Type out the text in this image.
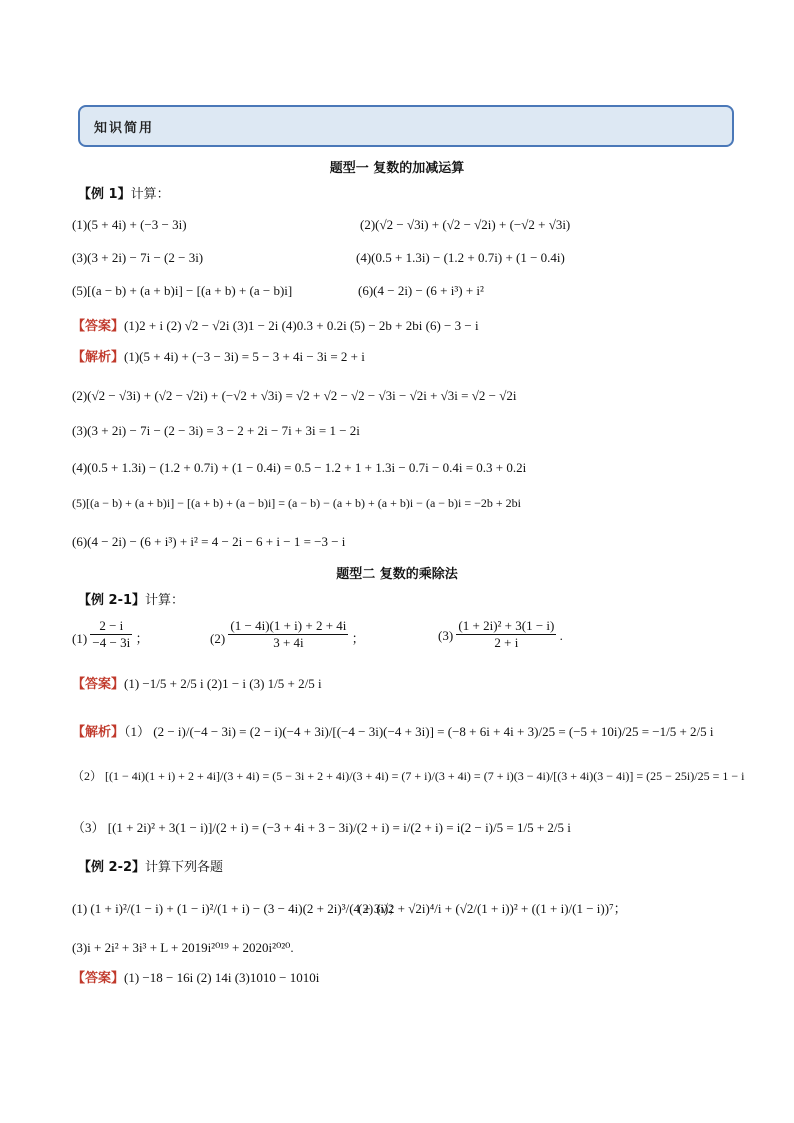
知识简用
题型一 复数的加减运算
【例 1】计算：
(1)(5 + 4i) + (−3 − 3i)	(2)(√2 − √3i) + (√2 − √2i) + (−√2 + √3i)
(3)(3 + 2i) − 7i − (2 − 3i)	(4)(0.5 + 1.3i) − (1.2 + 0.7i) + (1 − 0.4i)
(5)[(a − b) + (a + b)i] − [(a + b) + (a − b)i]	(6)(4 − 2i) − (6 + i³) + i²
【答案】(1)2 + i (2) √2 − √2i (3)1 − 2i (4)0.3 + 0.2i (5) − 2b + 2bi (6) − 3 − i
【解析】(1)(5 + 4i) + (−3 − 3i) = 5 − 3 + 4i − 3i = 2 + i
(2)(√2 − √3i) + (√2 − √2i) + (−√2 + √3i) = √2 + √2 − √2 − √3i − √2i + √3i = √2 − √2i
(3)(3 + 2i) − 7i − (2 − 3i) = 3 − 2 + 2i − 7i + 3i = 1 − 2i
(4)(0.5 + 1.3i) − (1.2 + 0.7i) + (1 − 0.4i) = 0.5 − 1.2 + 1 + 1.3i − 0.7i − 0.4i = 0.3 + 0.2i
(5)[(a − b) + (a + b)i] − [(a + b) + (a − b)i] = (a − b) − (a + b) + (a + b)i − (a − b)i = −2b + 2bi
(6)(4 − 2i) − (6 + i³) + i² = 4 − 2i − 6 + i − 1 = −3 − i
题型二 复数的乘除法
【例 2-1】计算：
$(1) \frac{2 - i}{-4 - 3i}$ ；	$(2) \frac{(1 - 4i)(1 + i) + 2 + 4i}{3 + 4i}$ ；	$(3) \frac{\text{(1 + 2i)² + 3(1 − i)}}{2 + i}$ .
【答案】(1) −1/5 + 2/5 i (2)1 − i (3) 1/5 + 2/5 i
【解析】（1） (2 − i)/(−4 − 3i) = (2 − i)(−4 + 3i)/[(−4 − 3i)(−4 + 3i)] = (−8 + 6i + 4i + 3)/25 = (−5 + 10i)/25 = −1/5 + 2/5 i
（2） [(1 − 4i)(1 + i) + 2 + 4i]/(3 + 4i) = (5 − 3i + 2 + 4i)/(3 + 4i) = (7 + i)/(3 + 4i) = (7 + i)(3 − 4i)/[(3 + 4i)(3 − 4i)] = (25 − 25i)/25 = 1 − i
（3） [(1 + 2i)² + 3(1 − i)]/(2 + i) = (−3 + 4i + 3 − 3i)/(2 + i) = i/(2 + i) = i(2 − i)/5 = 1/5 + 2/5 i
【例 2-2】计算下列各题
(1) (1 + i)²/(1 − i) + (1 − i)²/(1 + i) − (3 − 4i)(2 + 2i)³/(4 + 3i)；
(2) (√2 + √2i)⁴/i + (√2/(1 + i))² + ((1 + i)/(1 − i))⁷；
(3)i + 2i² + 3i³ + L + 2019i²⁰¹⁹ + 2020i²⁰²⁰.
【答案】(1) −18 − 16i (2) 14i (3)1010 − 1010i
